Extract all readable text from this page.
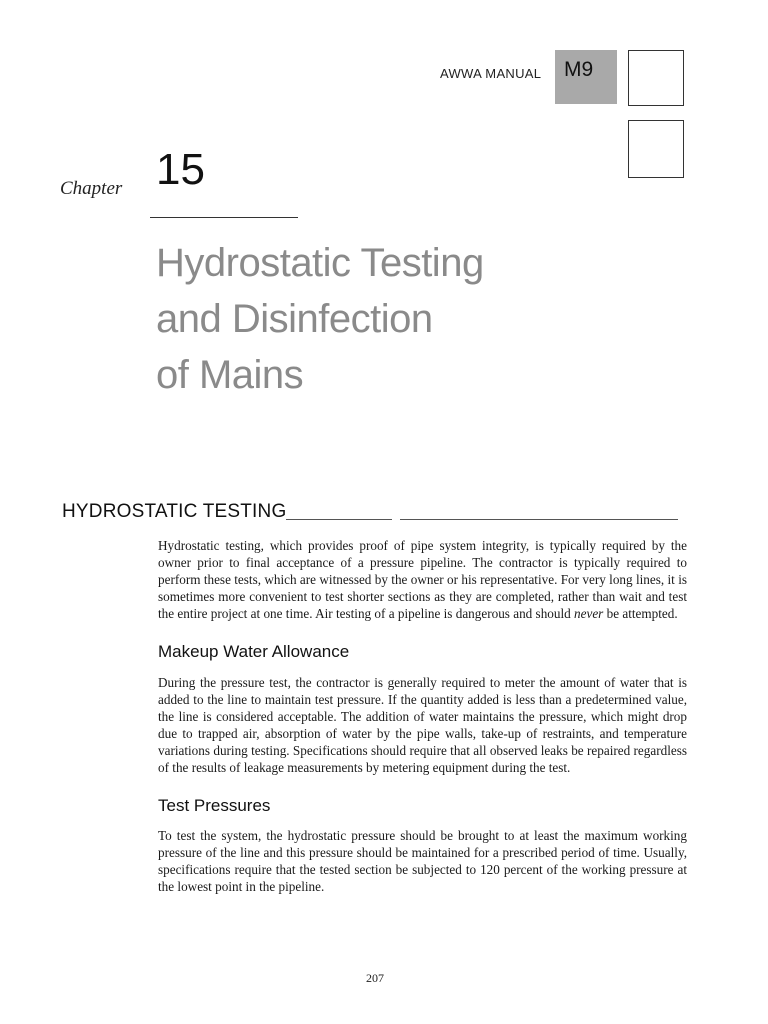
AWWA MANUAL	M9
Chapter 15
Hydrostatic Testing
and Disinfection
of Mains
HYDROSTATIC TESTING

Hydrostatic testing, which provides proof of pipe system integrity, is typically required by the owner prior to final acceptance of a pressure pipeline. The contractor is typically required to perform these tests, which are witnessed by the owner or his representative. For very long lines, it is sometimes more convenient to test shorter sections as they are completed, rather than wait and test the entire project at one time. Air testing of a pipeline is dangerous and should never be attempted.

Makeup Water Allowance

During the pressure test, the contractor is generally required to meter the amount of water that is added to the line to maintain test pressure. If the quantity added is less than a predetermined value, the line is considered acceptable. The addition of water maintains the pressure, which might drop due to trapped air, absorption of water by the pipe walls, take-up of restraints, and temperature variations during testing. Specifications should require that all observed leaks be repaired regardless of the results of leakage measurements by metering equipment during the test.

Test Pressures

To test the system, the hydrostatic pressure should be brought to at least the maximum working pressure of the line and this pressure should be maintained for a prescribed period of time. Usually, specifications require that the tested section be subjected to 120 percent of the working pressure at the lowest point in the pipeline.

207
